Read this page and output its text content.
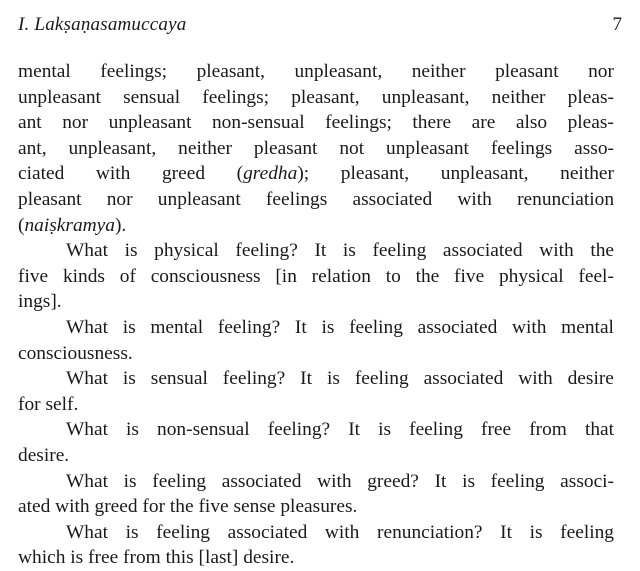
I. Lakṣaṇasamuccaya	7
mental feelings; pleasant, unpleasant, neither pleasant nor
unpleasant sensual feelings; pleasant, unpleasant, neither pleas-
ant nor unpleasant non-sensual feelings; there are also pleas-
ant, unpleasant, neither pleasant not unpleasant feelings asso-
ciated with greed (gredha); pleasant, unpleasant, neither
pleasant nor unpleasant feelings associated with renunciation
(naiṣkramya).
What is physical feeling? It is feeling associated with the
five kinds of consciousness [in relation to the five physical feel-
ings].
What is mental feeling? It is feeling associated with mental
consciousness.
What is sensual feeling? It is feeling associated with desire
for self.
What is non-sensual feeling? It is feeling free from that
desire.
What is feeling associated with greed? It is feeling associ-
ated with greed for the five sense pleasures.
What is feeling associated with renunciation? It is feeling
which is free from this [last] desire.
